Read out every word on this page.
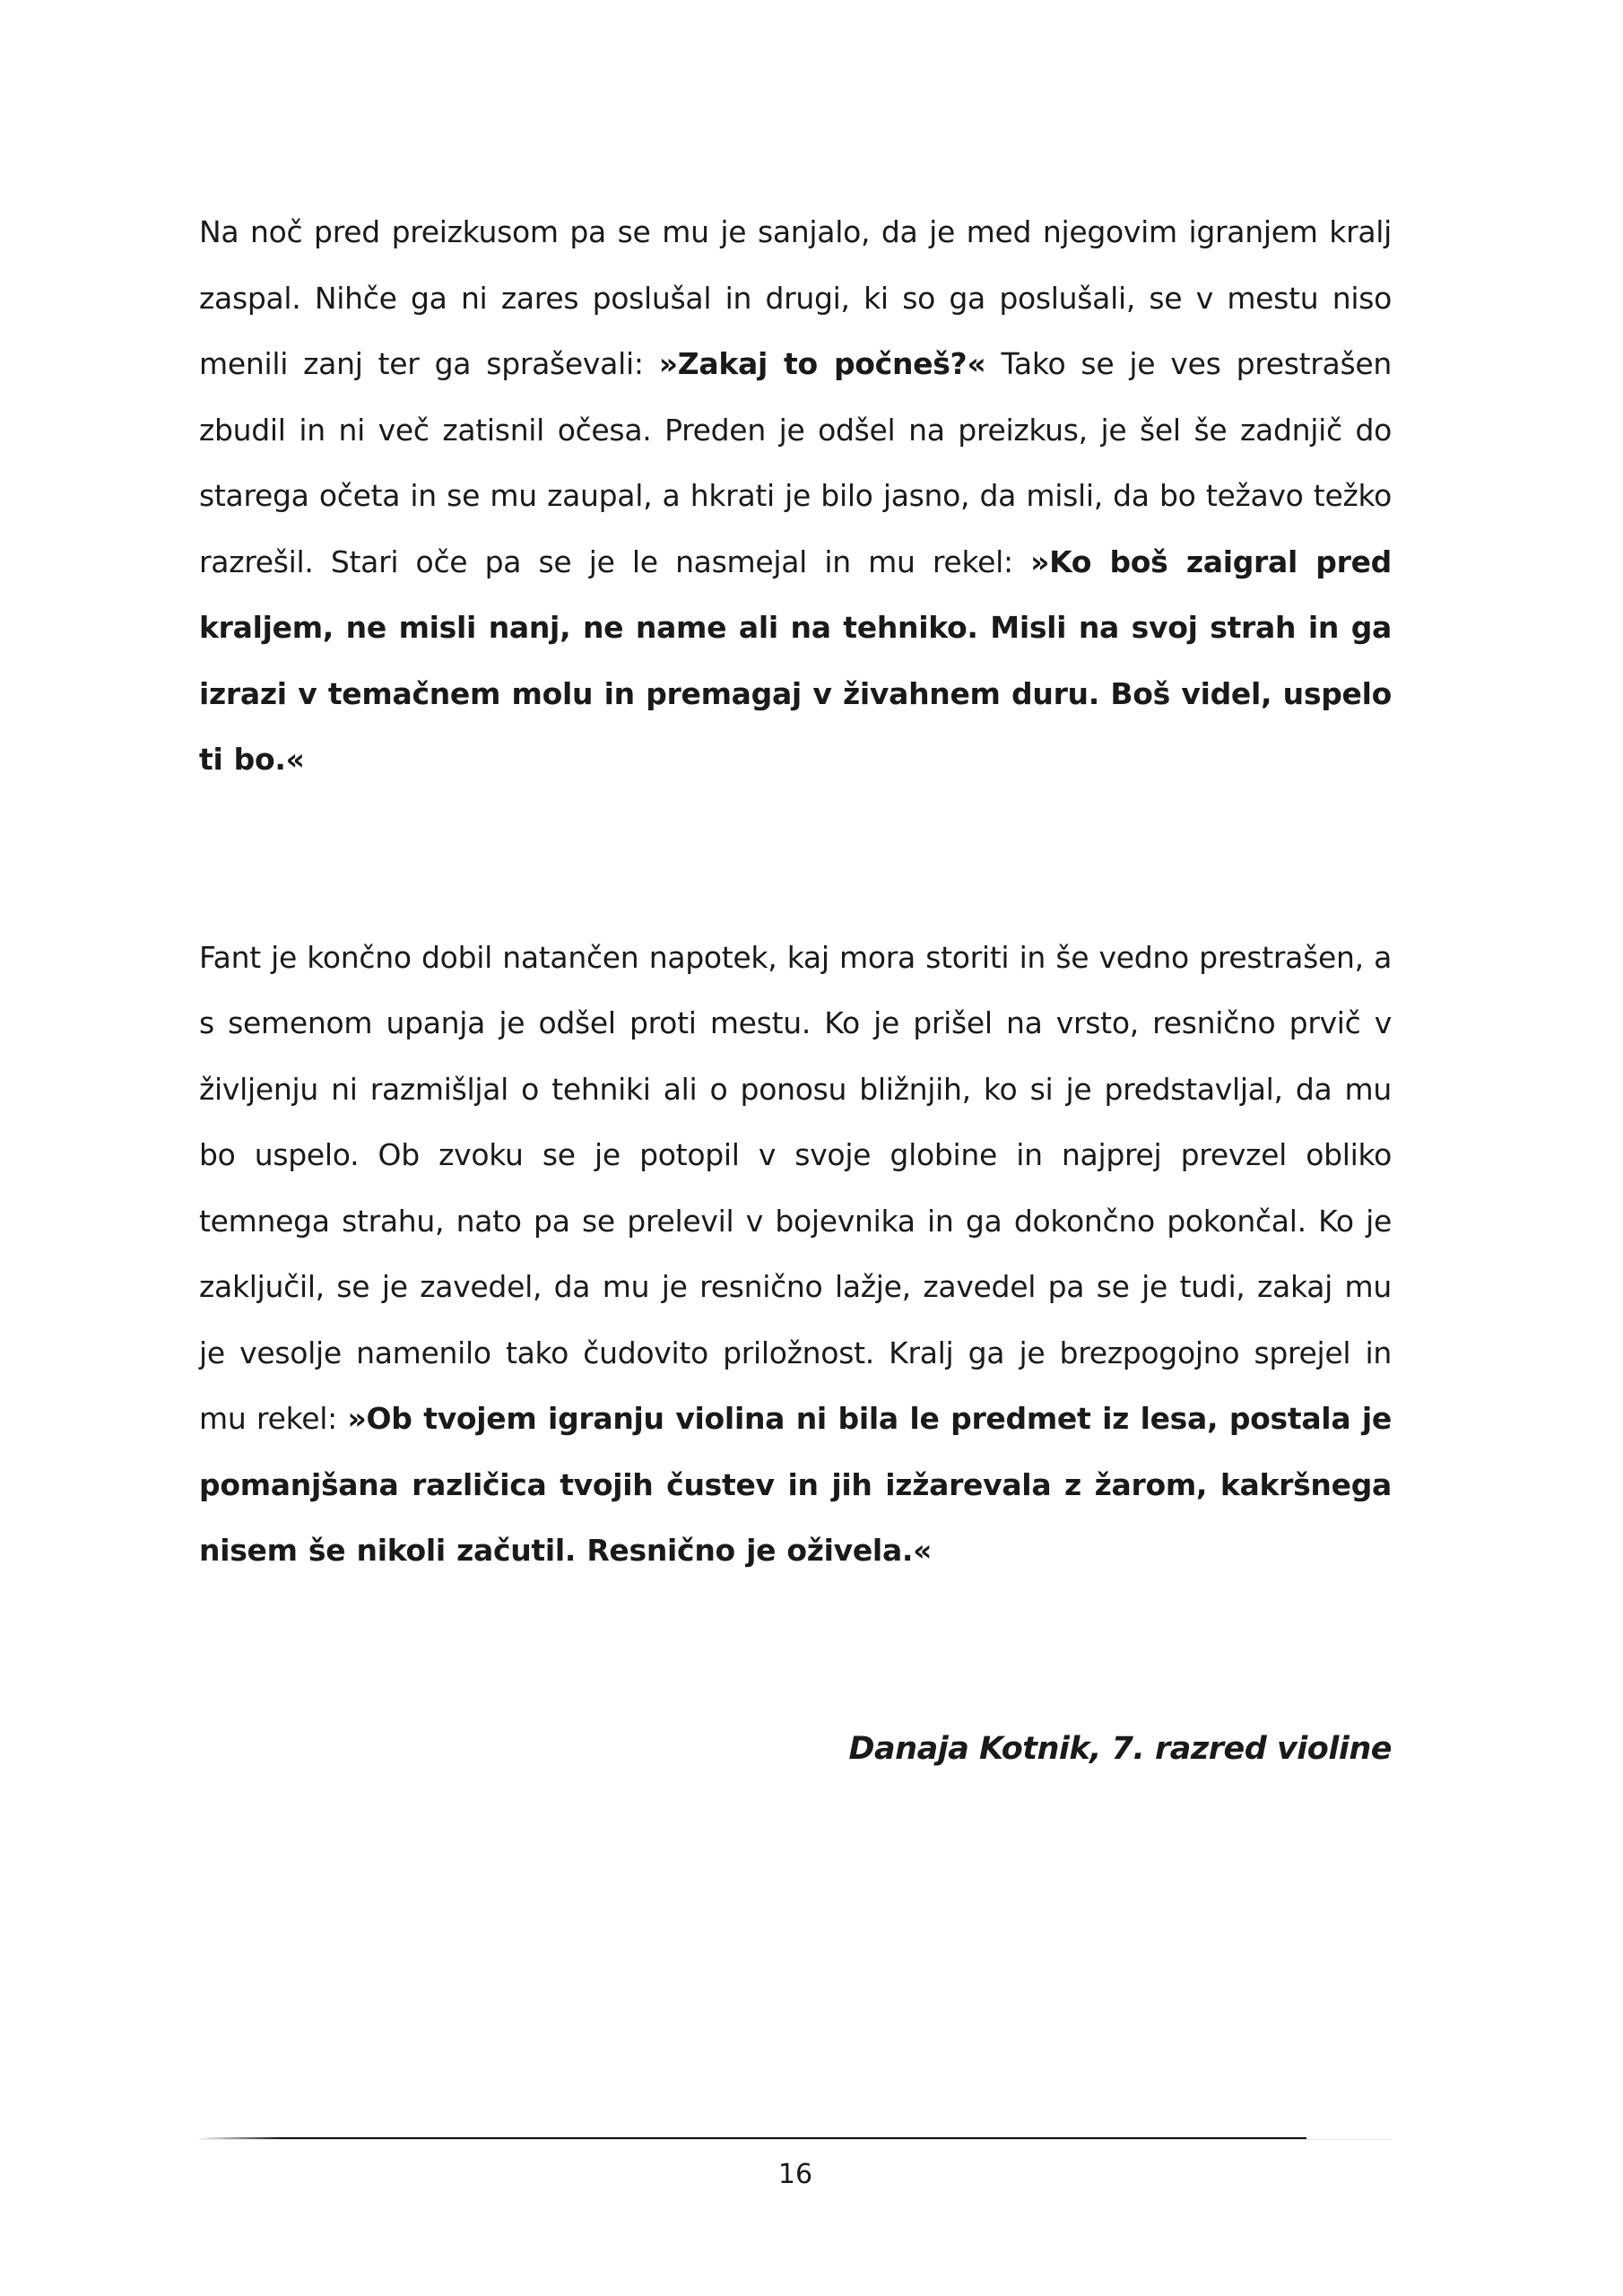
Na noč pred preizkusom pa se mu je sanjalo, da je med njegovim igranjem kralj zaspal. Nihče ga ni zares poslušal in drugi, ki so ga poslušali, se v mestu niso menili zanj ter ga spraševali: »Zakaj to počneš?« Tako se je ves prestrašen zbudil in ni več zatisnil očesa. Preden je odšel na preizkus, je šel še zadnjič do starega očeta in se mu zaupal, a hkrati je bilo jasno, da misli, da bo težavo težko razrešil. Stari oče pa se je le nasmejal in mu rekel: »Ko boš zaigral pred kraljem, ne misli nanj, ne name ali na tehniko. Misli na svoj strah in ga izrazi v temačnem molu in premagaj v živahnem duru. Boš videl, uspelo ti bo.«

Fant je končno dobil natančen napotek, kaj mora storiti in še vedno prestrašen, a s semenom upanja je odšel proti mestu. Ko je prišel na vrsto, resnično prvič v življenju ni razmišljal o tehniki ali o ponosu bližnjih, ko si je predstavljal, da mu bo uspelo. Ob zvoku se je potopil v svoje globine in najprej prevzel obliko temnega strahu, nato pa se prelevil v bojevnika in ga dokončno pokončal. Ko je zaključil, se je zavedel, da mu je resnično lažje, zavedel pa se je tudi, zakaj mu je vesolje namenilo tako čudovito priložnost. Kralj ga je brezpogojno sprejel in mu rekel: »Ob tvojem igranju violina ni bila le predmet iz lesa, postala je pomanjšana različica tvojih čustev in jih izžarevala z žarom, kakršnega nisem še nikoli začutil. Resnično je oživela.«

Danaja Kotnik, 7. razred violine
16
